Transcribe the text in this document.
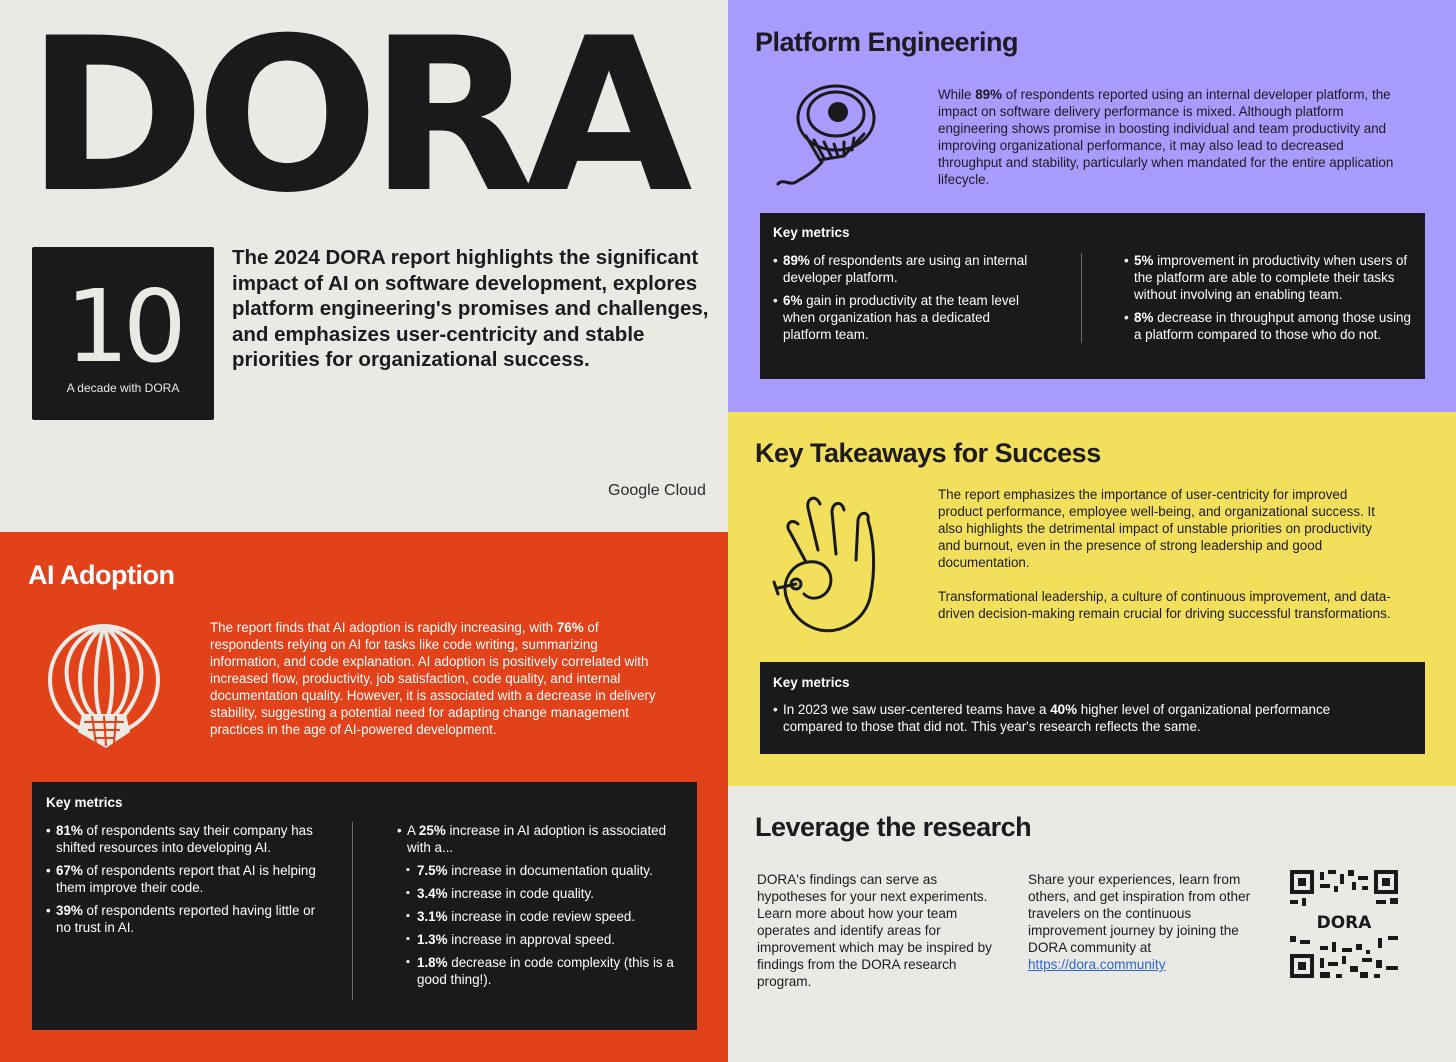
DORA
10
A decade with DORA

The 2024 DORA report highlights the significant impact of AI on software development, explores platform engineering's promises and challenges, and emphasizes user-centricity and stable priorities for organizational success.

Google Cloud
AI Adoption
The report finds that AI adoption is rapidly increasing, with 76% of respondents relying on AI for tasks like code writing, summarizing information, and code explanation. AI adoption is positively correlated with increased flow, productivity, job satisfaction, code quality, and internal documentation quality. However, it is associated with a decrease in delivery stability, suggesting a potential need for adapting change management practices in the age of AI-powered development.
Key metrics
• 81% of respondents say their company has shifted resources into developing AI.
• 67% of respondents report that AI is helping them improve their code.
• 39% of respondents reported having little or no trust in AI.
• A 25% increase in AI adoption is associated with a...
▪ 7.5% increase in documentation quality.
▪ 3.4% increase in code quality.
▪ 3.1% increase in code review speed.
▪ 1.3% increase in approval speed.
▪ 1.8% decrease in code complexity (this is a good thing!).
Platform Engineering
While 89% of respondents reported using an internal developer platform, the impact on software delivery performance is mixed. Although platform engineering shows promise in boosting individual and team productivity and improving organizational performance, it may also lead to decreased throughput and stability, particularly when mandated for the entire application lifecycle.
Key metrics
• 89% of respondents are using an internal developer platform.
• 6% gain in productivity at the team level when organization has a dedicated platform team.
• 5% improvement in productivity when users of the platform are able to complete their tasks without involving an enabling team.
• 8% decrease in throughput among those using a platform compared to those who do not.
Key Takeaways for Success

The report emphasizes the importance of user-centricity for improved product performance, employee well-being, and organizational success. It also highlights the detrimental impact of unstable priorities on productivity and burnout, even in the presence of strong leadership and good documentation.

Transformational leadership, a culture of continuous improvement, and data-driven decision-making remain crucial for driving successful transformations.

Key metrics
• In 2023 we saw user-centered teams have a 40% higher level of organizational performance compared to those that did not. This year's research reflects the same.
Leverage the research

DORA's findings can serve as hypotheses for your next experiments. Learn more about how your team operates and identify areas for improvement which may be inspired by findings from the DORA research program.

Share your experiences, learn from others, and get inspiration from other travelers on the continuous improvement journey by joining the DORA community at
https://dora.community
DORA
